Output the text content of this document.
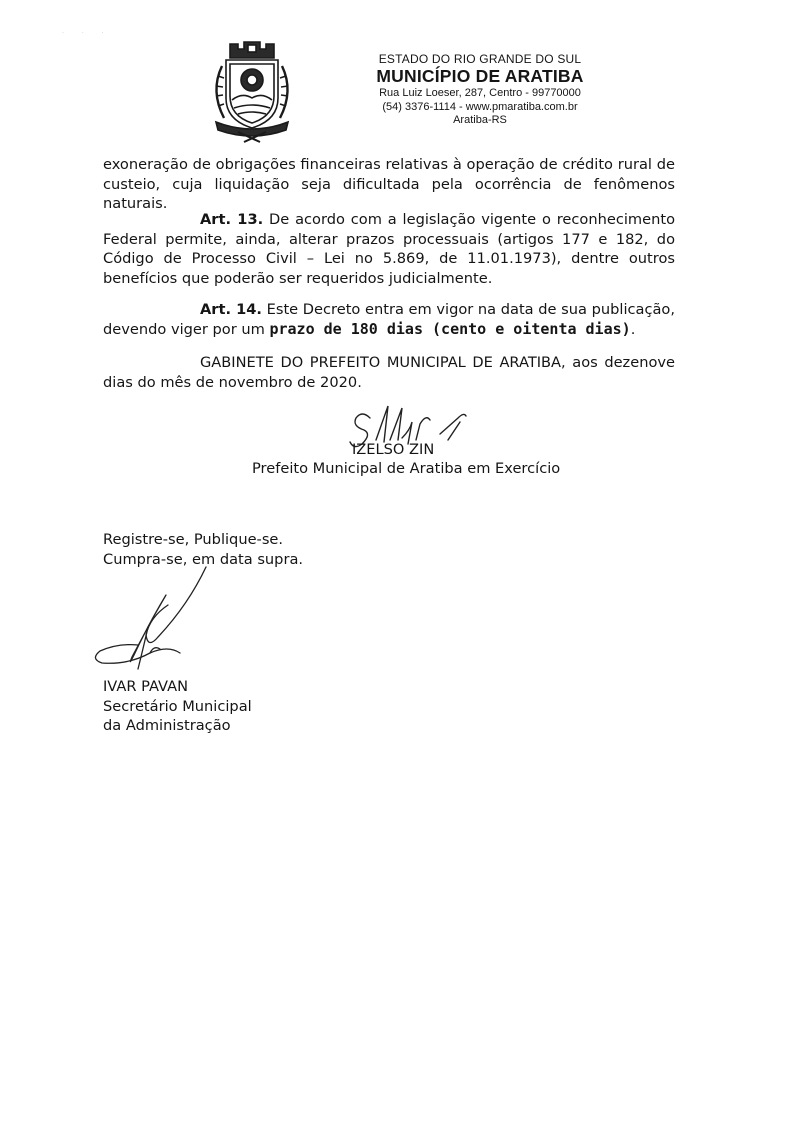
· · ·
ESTADO DO RIO GRANDE DO SUL
MUNICÍPIO DE ARATIBA
Rua Luiz Loeser, 287, Centro - 99770000
(54) 3376-1114 - www.pmaratiba.com.br
Aratiba-RS

exoneração de obrigações financeiras relativas à operação de crédito rural de custeio, cuja liquidação seja dificultada pela ocorrência de fenômenos naturais.

Art. 13. De acordo com a legislação vigente o reconhecimento Federal permite, ainda, alterar prazos processuais (artigos 177 e 182, do Código de Processo Civil – Lei no 5.869, de 11.01.1973), dentre outros benefícios que poderão ser requeridos judicialmente.

Art. 14. Este Decreto entra em vigor na data de sua publicação, devendo viger por um prazo de 180 dias (cento e oitenta dias).

GABINETE DO PREFEITO MUNICIPAL DE ARATIBA, aos dezenove dias do mês de novembro de 2020.

IZELSO ZIN
Prefeito Municipal de Aratiba em Exercício
Registre-se, Publique-se.
Cumpra-se, em data supra.
IVAR PAVAN
Secretário Municipal
da Administração
